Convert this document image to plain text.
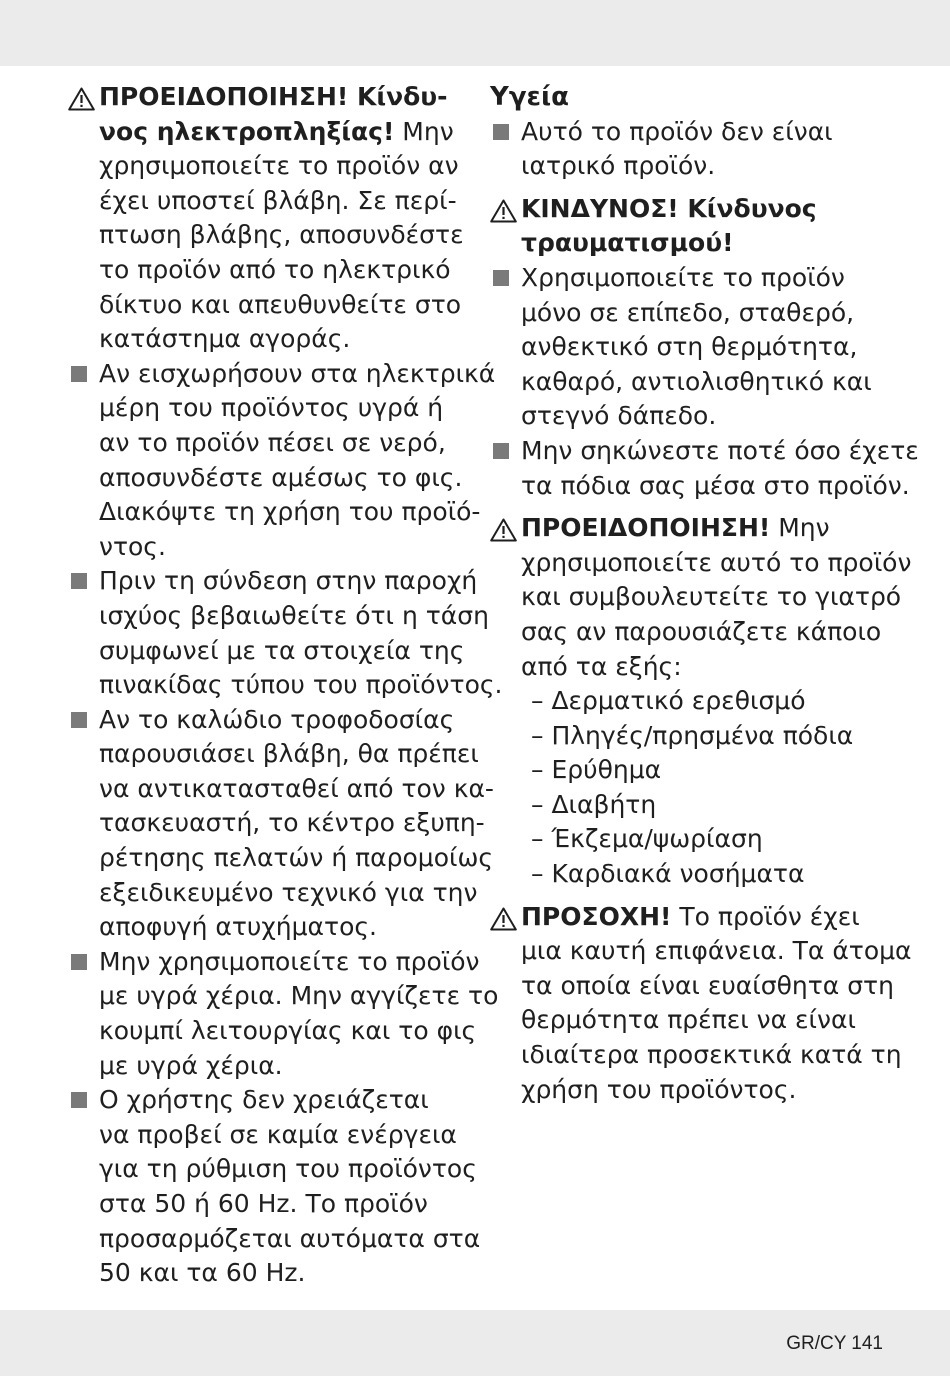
ΠΡΟΕΙΔΟΠΟΙΗΣΗ! Κίνδυ-
νος ηλεκτροπληξίας! Μην
χρησιμοποιείτε το προϊόν αν
έχει υποστεί βλάβη. Σε περί-
πτωση βλάβης, αποσυνδέστε
το προϊόν από το ηλεκτρικό
δίκτυο και απευθυνθείτε στο
κατάστημα αγοράς.
Αν εισχωρήσουν στα ηλεκτρικά
μέρη του προϊόντος υγρά ή
αν το προϊόν πέσει σε νερό,
αποσυνδέστε αμέσως το φις.
Διακόψτε τη χρήση του προϊό-
ντος.
Πριν τη σύνδεση στην παροχή
ισχύος βεβαιωθείτε ότι η τάση
συμφωνεί με τα στοιχεία της
πινακίδας τύπου του προϊόντος.
Αν το καλώδιο τροφοδοσίας
παρουσιάσει βλάβη, θα πρέπει
να αντικατασταθεί από τον κα-
τασκευαστή, το κέντρο εξυπη-
ρέτησης πελατών ή παρομοίως
εξειδικευμένο τεχνικό για την
αποφυγή ατυχήματος.
Μην χρησιμοποιείτε το προϊόν
με υγρά χέρια. Μην αγγίζετε το
κουμπί λειτουργίας και το φις
με υγρά χέρια.
Ο χρήστης δεν χρειάζεται
να προβεί σε καμία ενέργεια
για τη ρύθμιση του προϊόντος
στα 50 ή 60 Hz. Το προϊόν
προσαρμόζεται αυτόματα στα
50 και τα 60 Hz.
Υγεία
Αυτό το προϊόν δεν είναι
ιατρικό προϊόν.
ΚΙΝΔΥΝΟΣ! Κίνδυνος
τραυματισμού!
Χρησιμοποιείτε το προϊόν
μόνο σε επίπεδο, σταθερό,
ανθεκτικό στη θερμότητα,
καθαρό, αντιολισθητικό και
στεγνό δάπεδο.
Μην σηκώνεστε ποτέ όσο έχετε
τα πόδια σας μέσα στο προϊόν.
ΠΡΟΕΙΔΟΠΟΙΗΣΗ! Μην
χρησιμοποιείτε αυτό το προϊόν
και συμβουλευτείτε το γιατρό
σας αν παρουσιάζετε κάποιο
από τα εξής:
– Δερματικό ερεθισμό
– Πληγές/πρησμένα πόδια
– Ερύθημα
– Διαβήτη
– Έκζεμα/ψωρίαση
– Καρδιακά νοσήματα
ΠΡΟΣΟΧΗ! Το προϊόν έχει
μια καυτή επιφάνεια. Τα άτομα
τα οποία είναι ευαίσθητα στη
θερμότητα πρέπει να είναι
ιδιαίτερα προσεκτικά κατά τη
χρήση του προϊόντος.
GR/CY 141
